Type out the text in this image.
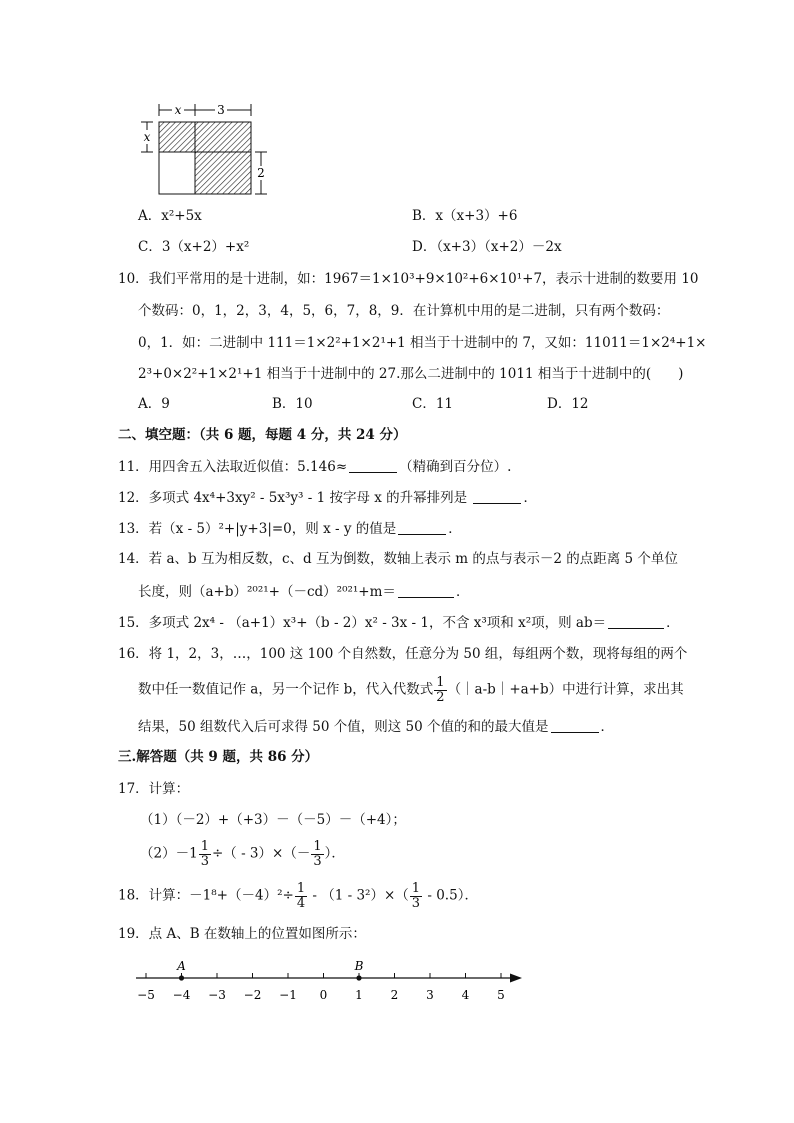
x	3
x
2
A．x²+5x	B．x（x+3）+6
C．3（x+2）+x²	D．（x+3）（x+2）－2x
10．我们平常用的是十进制，如：1967＝1×10³+9×10²+6×10¹+7，表示十进制的数要用 10
个数码：0，1，2，3，4，5，6，7，8，9．在计算机中用的是二进制，只有两个数码：
0，1．如：二进制中 111＝1×2²+1×2¹+1 相当于十进制中的 7，又如：11011＝1×2⁴+1×
2³+0×2²+1×2¹+1 相当于十进制中的 27.那么二进制中的 1011 相当于十进制中的(　　)
A．9	B．10	C．11	D．12
二、填空题：（共 6 题，每题 4 分，共 24 分）
11．用四舍五入法取近似值：5.146≈	（精确到百分位）.
12．多项式 4x⁴+3xy² - 5x³y³ - 1 按字母 x 的升幂排列是	．
13．若（x - 5）²+|y+3|=0，则 x - y 的值是	．
14．若 a、b 互为相反数，c、d 互为倒数，数轴上表示 m 的点与表示－2 的点距离 5 个单位
长度，则（a+b）²⁰²¹+（－cd）²⁰²¹+m＝	．
15．多项式 2x⁴ - （a+1）x³+（b - 2）x² - 3x - 1，不含 x³项和 x²项，则 ab＝	．
16．将 1，2，3，…，100 这 100 个自然数，任意分为 50 组，每组两个数，现将每组的两个
数中任一数值记作 a，另一个记作 b，代入代数式 $\frac{1}{2}$ （｜a-b｜+a+b）中进行计算，求出其
结果，50 组数代入后可求得 50 个值，则这 50 个值的和的最大值是	．
三.解答题（共 9 题，共 86 分）
17．计算：
（1）（－2）+（+3）－（－5）－（+4）；
$(2)-1 \frac{1}{3}$ ÷（ - $3)\times(- \frac{1}{3}$ ）．
18．计算：$-1^8+(-4)^2\div \frac{1}{4} - (1 - 3^2)\times( \frac{1}{3} - 0.5)$．
19．点 A、B 在数轴上的位置如图所示：
−5 −4 −3 −2 −1 0 1 2 3 4 5
A	B
